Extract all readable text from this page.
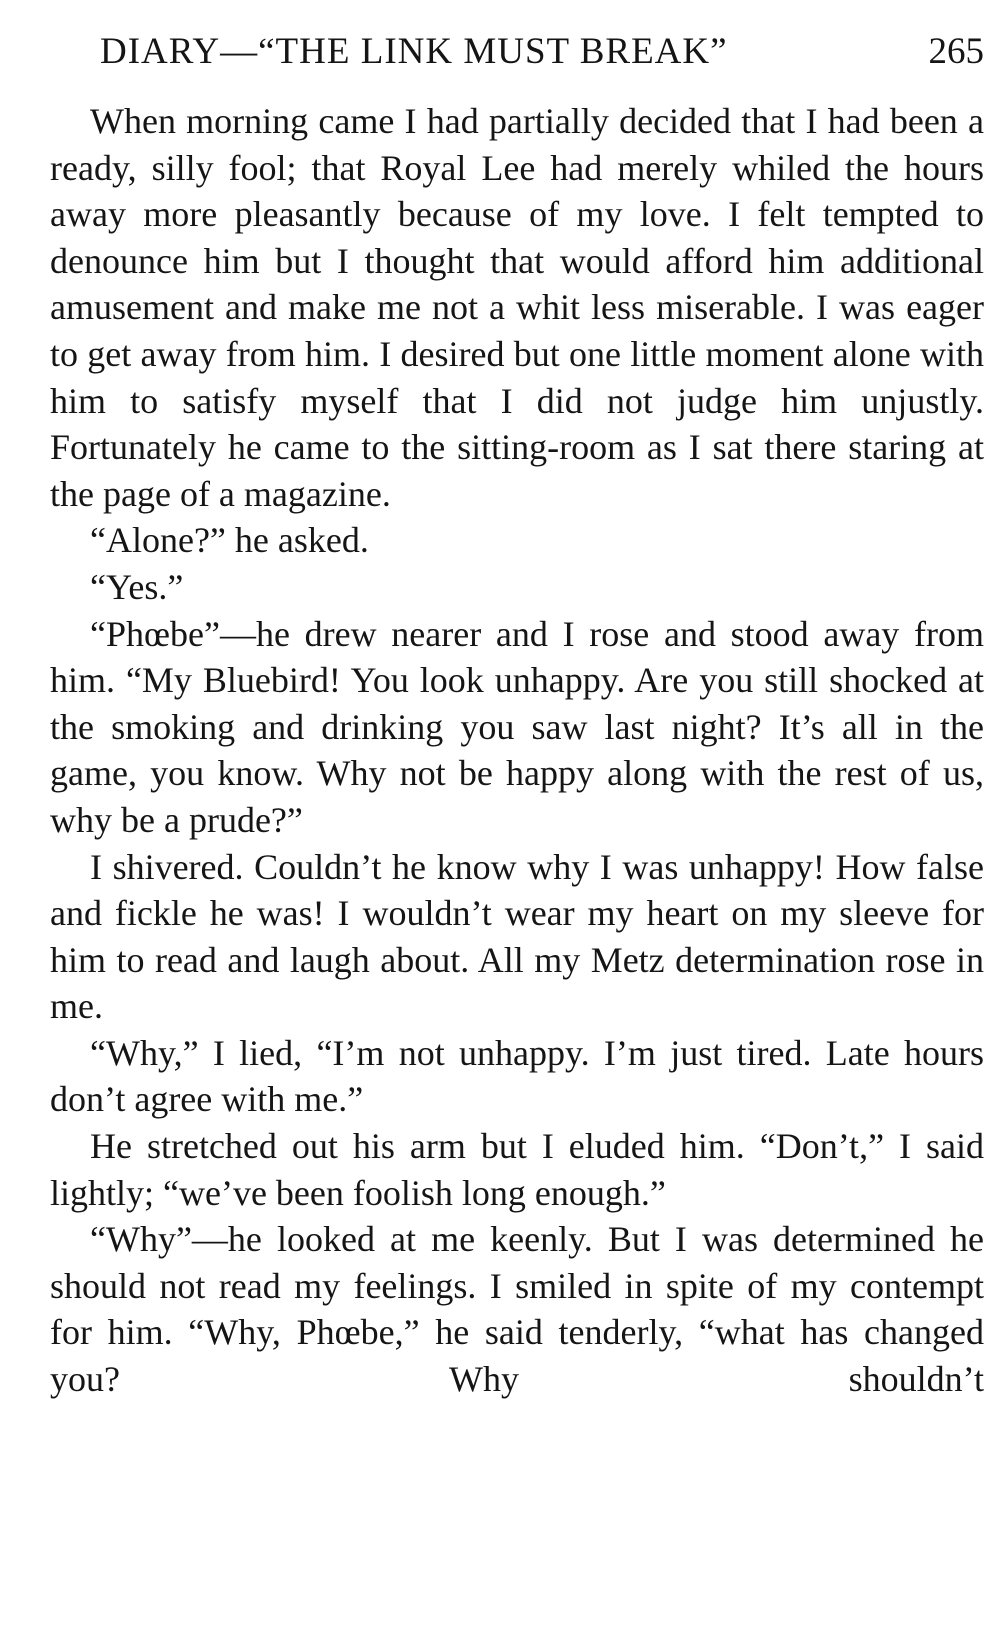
DIARY—“THE LINK MUST BREAK”	265

When morning came I had partially decided that I had been a ready, silly fool; that Royal Lee had merely whiled the hours away more pleasantly because of my love. I felt tempted to denounce him but I thought that would afford him additional amusement and make me not a whit less miserable. I was eager to get away from him. I desired but one little moment alone with him to satisfy myself that I did not judge him unjustly. Fortunately he came to the sitting-room as I sat there staring at the page of a magazine.

“Alone?” he asked.

“Yes.”

“Phœbe”—he drew nearer and I rose and stood away from him. “My Bluebird! You look unhappy. Are you still shocked at the smoking and drinking you saw last night? It’s all in the game, you know. Why not be happy along with the rest of us, why be a prude?”

I shivered. Couldn’t he know why I was unhappy! How false and fickle he was! I wouldn’t wear my heart on my sleeve for him to read and laugh about. All my Metz determination rose in me.

“Why,” I lied, “I’m not unhappy. I’m just tired. Late hours don’t agree with me.”

He stretched out his arm but I eluded him. “Don’t,” I said lightly; “we’ve been foolish long enough.”

“Why”—he looked at me keenly. But I was determined he should not read my feelings. I smiled in spite of my contempt for him. “Why, Phœbe,” he said tenderly, “what has changed you? Why shouldn’t
